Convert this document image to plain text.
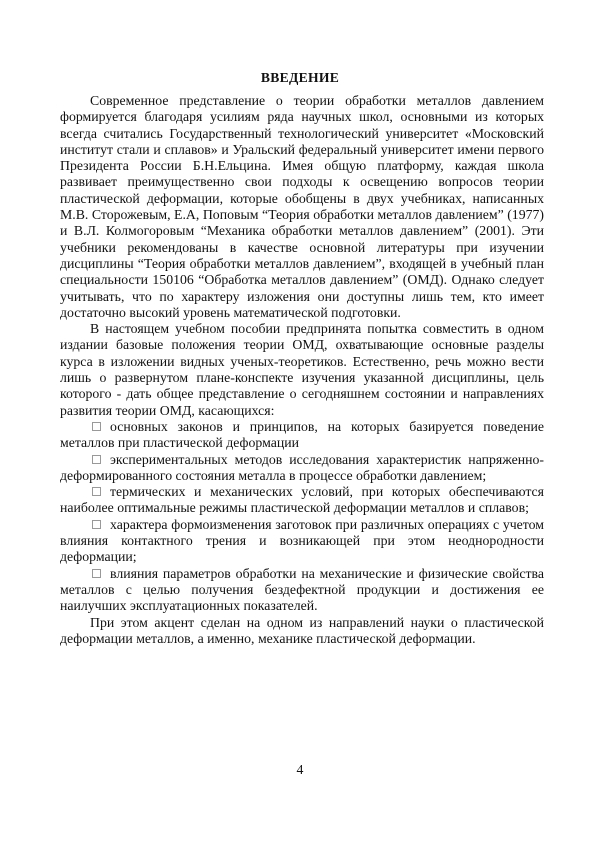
ВВЕДЕНИЕ

Современное представление о теории обработки металлов давлением формируется благодаря усилиям ряда научных школ, основными из которых всегда считались Государственный технологический университет «Московский институт стали и сплавов» и Уральский федеральный университет имени первого Президента России Б.Н.Ельцина. Имея общую платформу, каждая школа развивает преимущественно свои подходы к освещению вопросов теории пластической деформации, которые обобщены в двух учебниках, написанных М.В. Сторожевым, Е.А, Поповым “Теория обработки металлов давлением” (1977) и В.Л. Колмогоровым “Механика обработки металлов давлением” (2001). Эти учебники рекомендованы в качестве основной литературы при изучении дисциплины “Теория обработки металлов давлением”, входящей в учебный план специальности 150106 “Обработка металлов давлением” (ОМД). Однако следует учитывать, что по характеру изложения они доступны лишь тем, кто имеет достаточно высокий уровень математической подготовки.

В настоящем учебном пособии предпринята попытка совместить в одном издании базовые положения теории ОМД, охватывающие основные разделы курса в изложении видных ученых-теоретиков. Естественно, речь можно вести лишь о развернутом плане-конспекте изучения указанной дисциплины, цель которого - дать общее представление о сегодняшнем состоянии и направлениях развития теории ОМД, касающихся:

основных законов и принципов, на которых базируется поведение металлов при пластической деформации

экспериментальных методов исследования характеристик напряженно-деформированного состояния металла в процессе обработки давлением;

термических и механических условий, при которых обеспечиваются наиболее оптимальные режимы пластической деформации металлов и сплавов;

характера формоизменения заготовок при различных операциях с учетом влияния контактного трения и возникающей при этом неоднородности деформации;

влияния параметров обработки на механические и физические свойства металлов с целью получения бездефектной продукции и достижения ее наилучших эксплуатационных показателей.

При этом акцент сделан на одном из направлений науки о пластической деформации металлов, а именно, механике пластической деформации.

4
